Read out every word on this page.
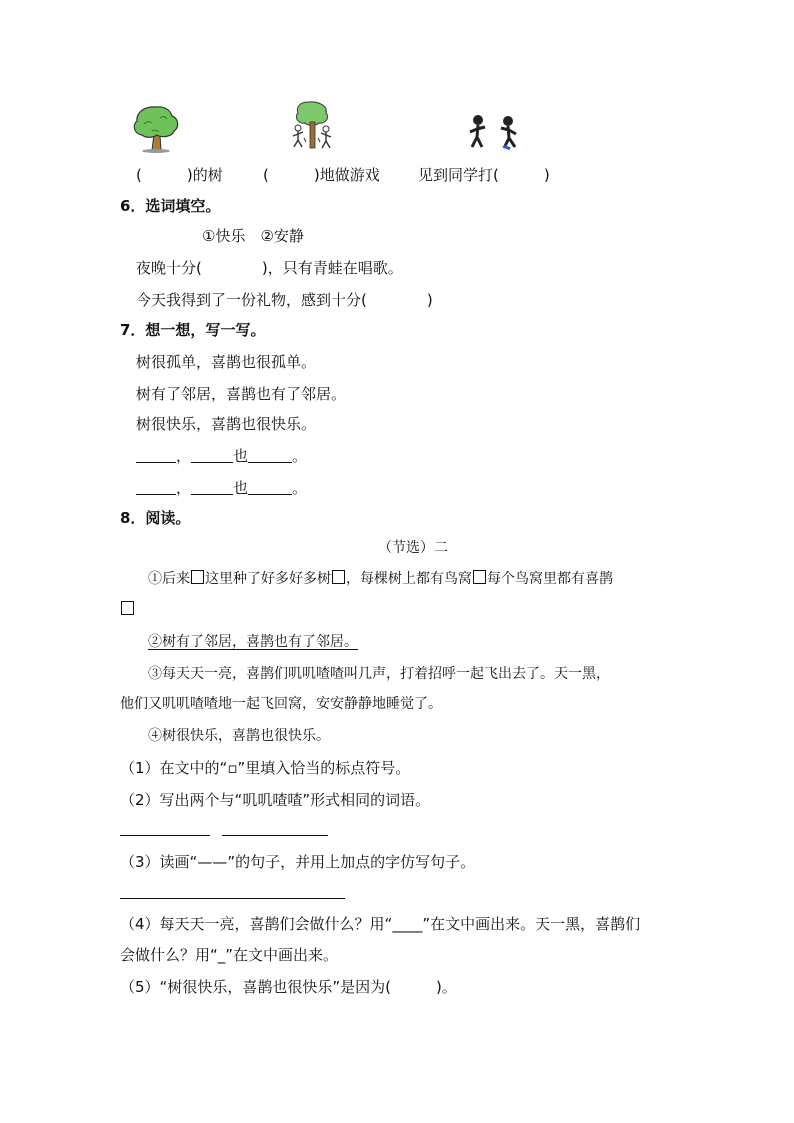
(　　　)的树	(　　　)地做游戏	见到同学打(　　　)
6．选词填空。
①快乐　②安静
夜晚十分(　　　　)，只有青蛙在唱歌。
今天我得到了一份礼物，感到十分(　　　　)
7．想一想，写一写。
树很孤单，喜鹊也很孤单。
树有了邻居，喜鹊也有了邻居。
树很快乐，喜鹊也很快乐。
，	也	。
，	也	。
8．阅读。
（节选）二
①后来 这里种了好多好多树 ，每棵树上都有鸟窝 每个鸟窝里都有喜鹊
②树有了邻居，喜鹊也有了邻居。
③每天天一亮，喜鹊们叽叽喳喳叫几声，打着招呼一起飞出去了。天一黑，
他们又叽叽喳喳地一起飞回窝，安安静静地睡觉了。
④树很快乐，喜鹊也很快乐。
（1）在文中的“▫”里填入恰当的标点符号。
（2）写出两个与“叽叽喳喳”形式相同的词语。
（3）读画“——”的句子，并用上加点的字仿写句子。
（4）每天天一亮，喜鹊们会做什么？用“____”在文中画出来。天一黑，喜鹊们
会做什么？用“_”在文中画出来。
（5）“树很快乐，喜鹊也很快乐”是因为(　　　)。
